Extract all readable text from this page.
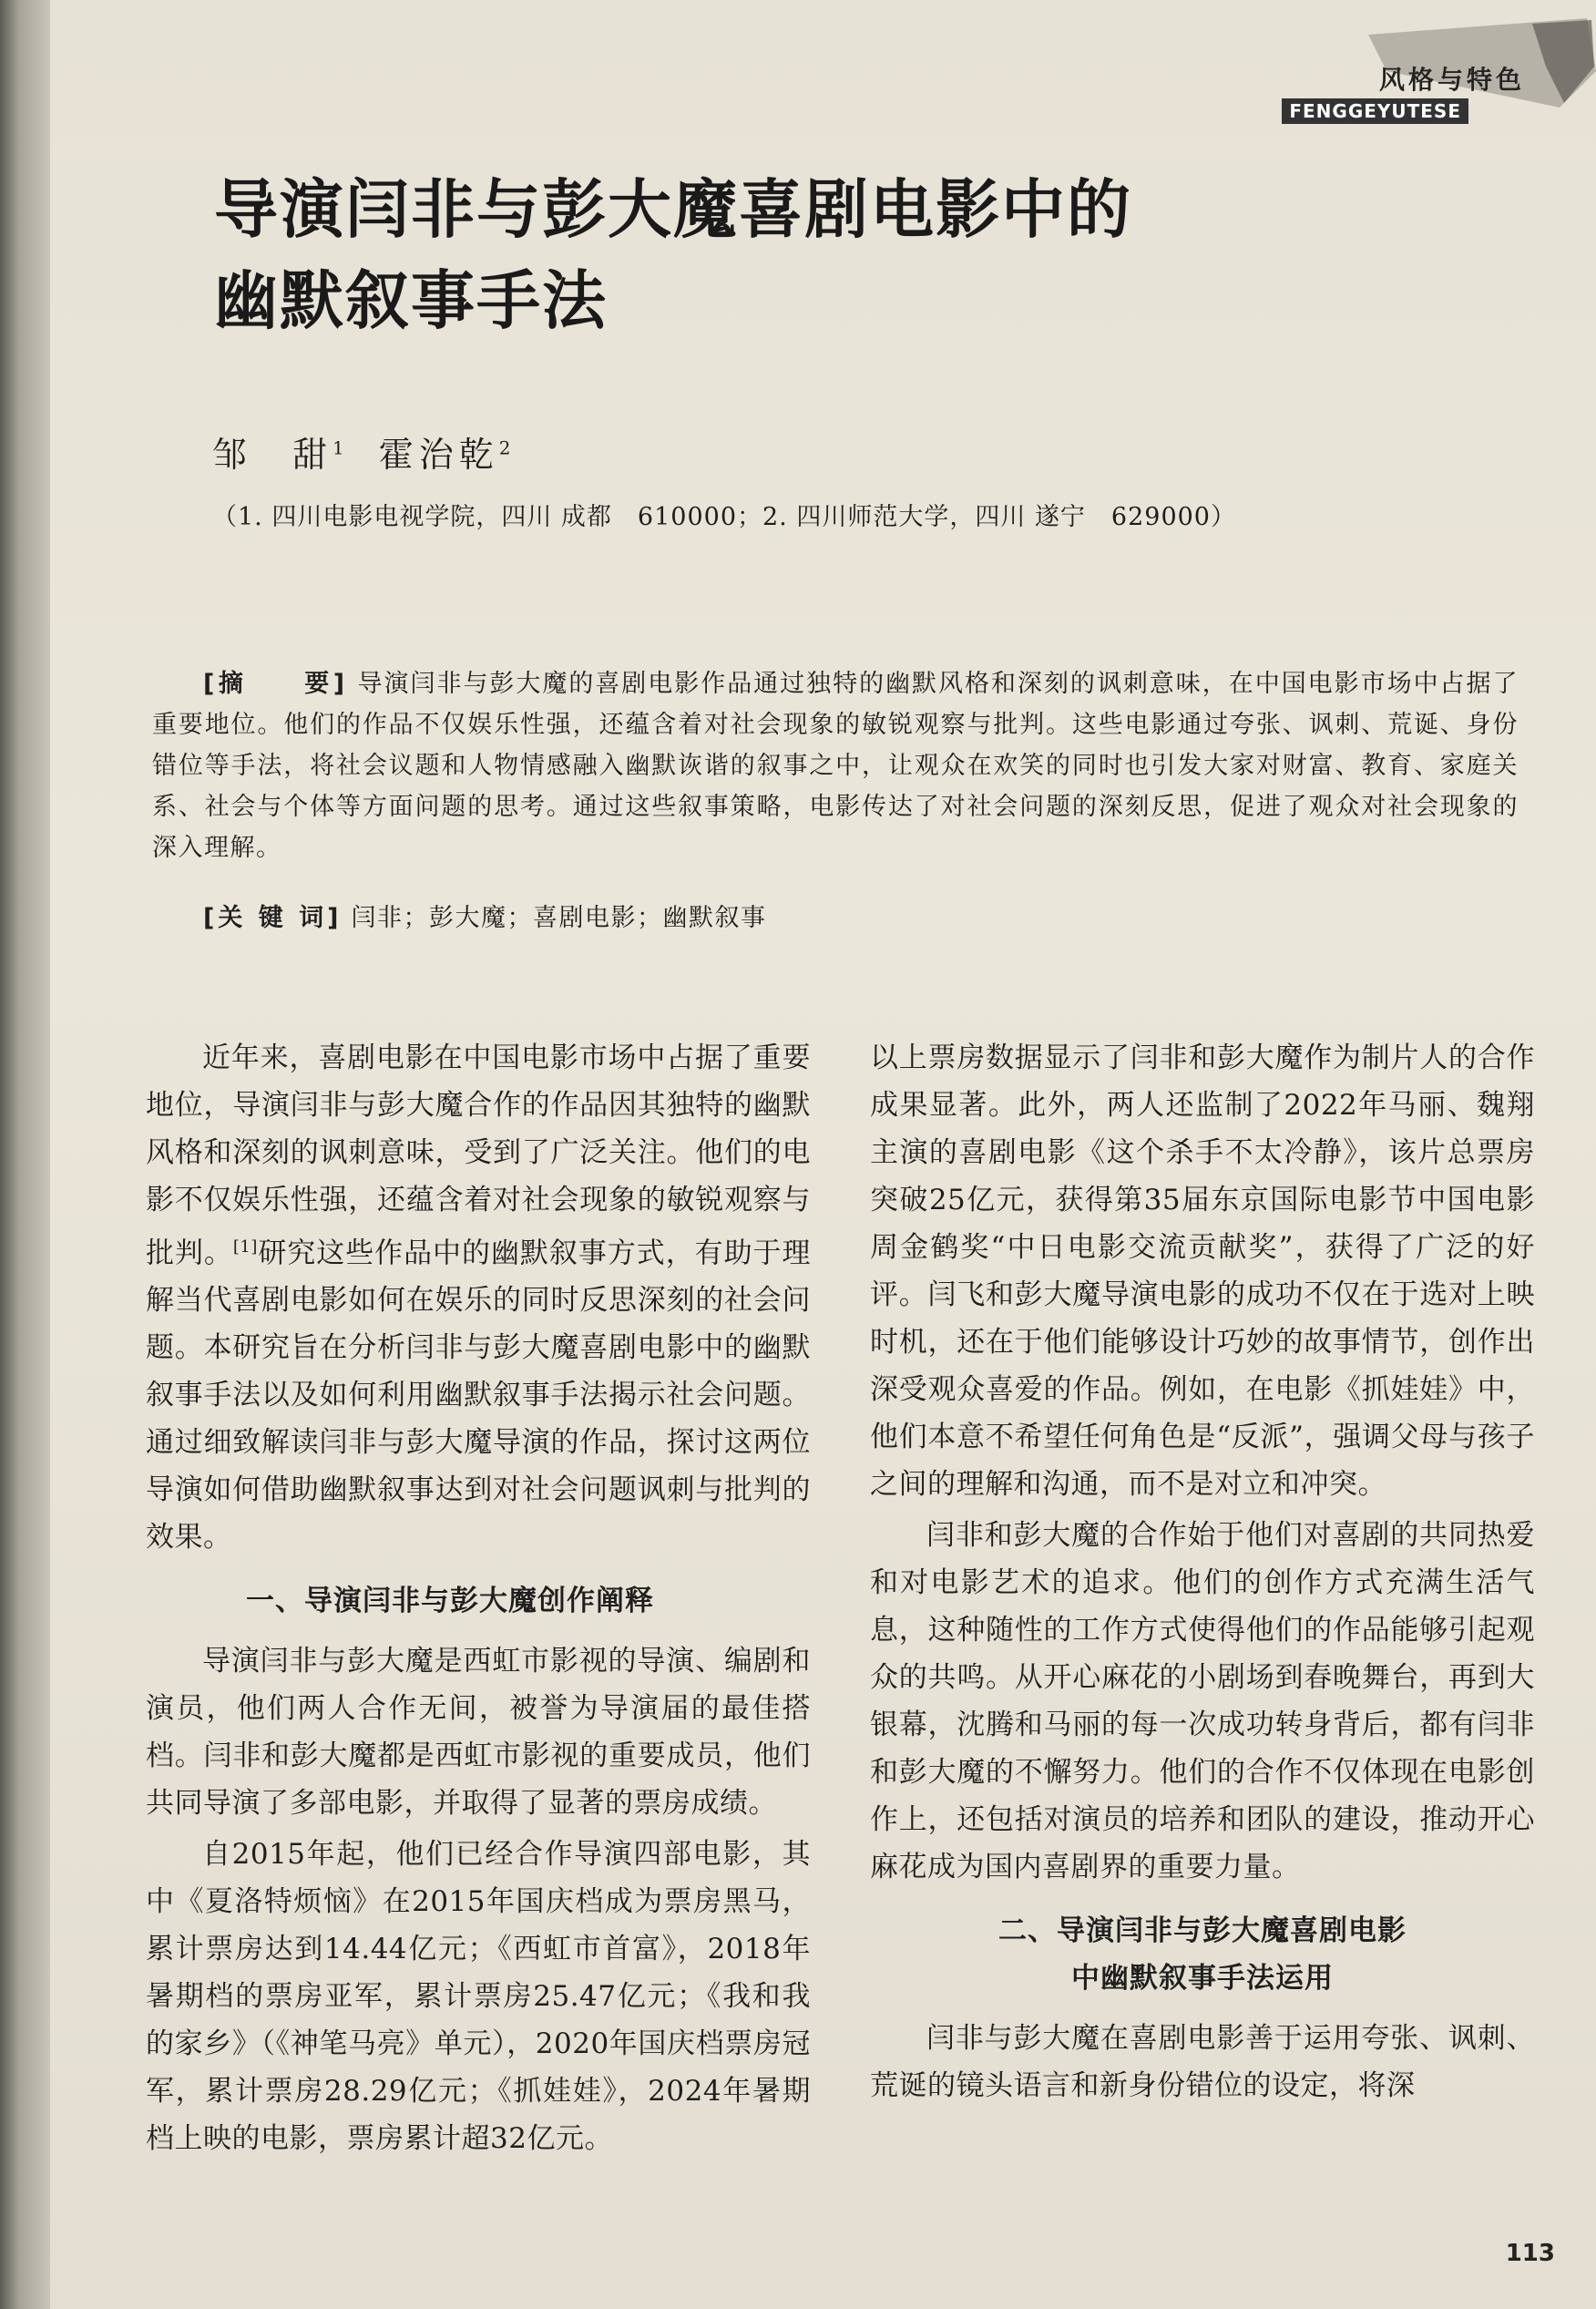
风格与特色
FENGGEYUTESE
导演闫非与彭大魔喜剧电影中的
幽默叙事手法
邹　甜$^1$ 霍治乾$^2$
（1. 四川电影电视学院，四川 成都　610000；2. 四川师范大学，四川 遂宁　629000）
[摘　　要] 导演闫非与彭大魔的喜剧电影作品通过独特的幽默风格和深刻的讽刺意味，在中国电影市场中占据了重要地位。他们的作品不仅娱乐性强，还蕴含着对社会现象的敏锐观察与批判。这些电影通过夸张、讽刺、荒诞、身份错位等手法，将社会议题和人物情感融入幽默诙谐的叙事之中，让观众在欢笑的同时也引发大家对财富、教育、家庭关系、社会与个体等方面问题的思考。通过这些叙事策略，电影传达了对社会问题的深刻反思，促进了观众对社会现象的深入理解。
[关 键 词] 闫非；彭大魔；喜剧电影；幽默叙事

近年来，喜剧电影在中国电影市场中占据了重要地位，导演闫非与彭大魔合作的作品因其独特的幽默风格和深刻的讽刺意味，受到了广泛关注。他们的电影不仅娱乐性强，还蕴含着对社会现象的敏锐观察与批判。[1]研究这些作品中的幽默叙事方式，有助于理解当代喜剧电影如何在娱乐的同时反思深刻的社会问题。本研究旨在分析闫非与彭大魔喜剧电影中的幽默叙事手法以及如何利用幽默叙事手法揭示社会问题。通过细致解读闫非与彭大魔导演的作品，探讨这两位导演如何借助幽默叙事达到对社会问题讽刺与批判的效果。

一、导演闫非与彭大魔创作阐释

导演闫非与彭大魔是西虹市影视的导演、编剧和演员，他们两人合作无间，被誉为导演届的最佳搭档。闫非和彭大魔都是西虹市影视的重要成员，他们共同导演了多部电影，并取得了显著的票房成绩。

自2015年起，他们已经合作导演四部电影，其中《夏洛特烦恼》在2015年国庆档成为票房黑马，累计票房达到14.44亿元；《西虹市首富》，2018年暑期档的票房亚军，累计票房25.47亿元；《我和我的家乡》（《神笔马亮》单元），2020年国庆档票房冠军，累计票房28.29亿元；《抓娃娃》，2024年暑期档上映的电影，票房累计超32亿元。

以上票房数据显示了闫非和彭大魔作为制片人的合作成果显著。此外，两人还监制了2022年马丽、魏翔主演的喜剧电影《这个杀手不太冷静》，该片总票房突破25亿元，获得第35届东京国际电影节中国电影周金鹤奖“中日电影交流贡献奖”，获得了广泛的好评。闫飞和彭大魔导演电影的成功不仅在于选对上映时机，还在于他们能够设计巧妙的故事情节，创作出深受观众喜爱的作品。例如，在电影《抓娃娃》中，他们本意不希望任何角色是“反派”，强调父母与孩子之间的理解和沟通，而不是对立和冲突。

闫非和彭大魔的合作始于他们对喜剧的共同热爱和对电影艺术的追求。他们的创作方式充满生活气息，这种随性的工作方式使得他们的作品能够引起观众的共鸣。从开心麻花的小剧场到春晚舞台，再到大银幕，沈腾和马丽的每一次成功转身背后，都有闫非和彭大魔的不懈努力。他们的合作不仅体现在电影创作上，还包括对演员的培养和团队的建设，推动开心麻花成为国内喜剧界的重要力量。

二、导演闫非与彭大魔喜剧电影
中幽默叙事手法运用

闫非与彭大魔在喜剧电影善于运用夸张、讽刺、荒诞的镜头语言和新身份错位的设定，将深

113
